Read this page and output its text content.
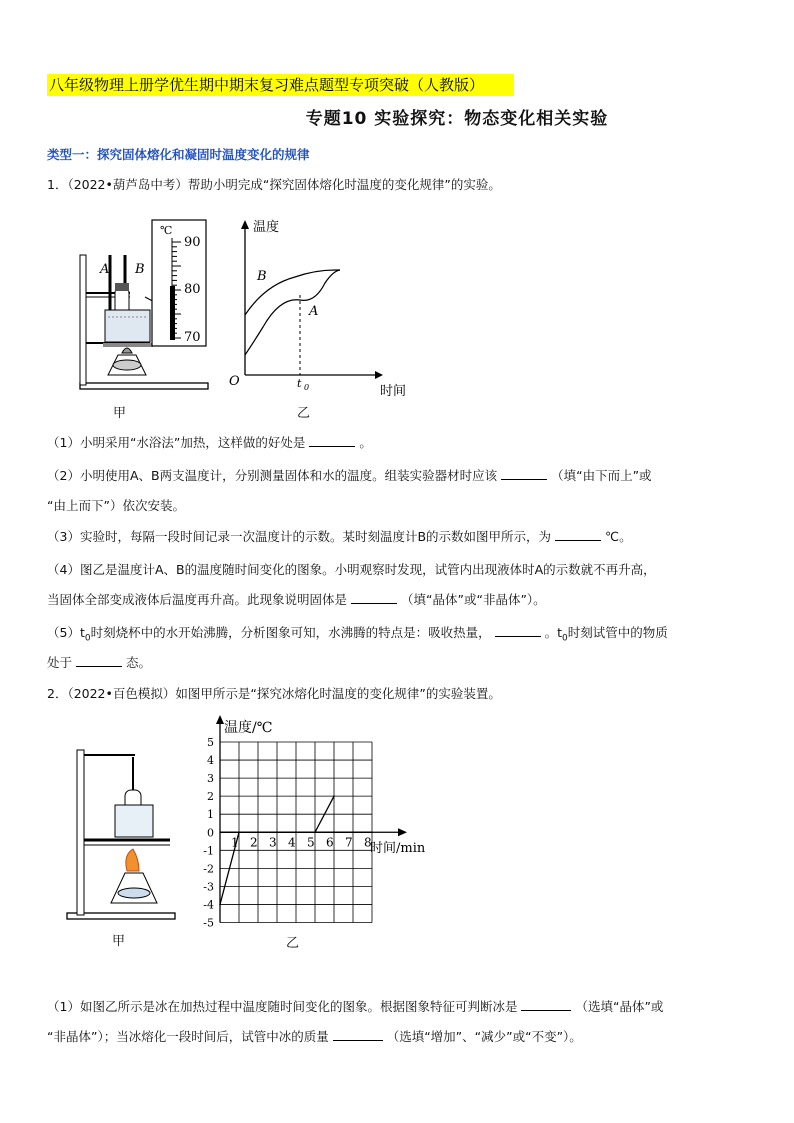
八年级物理上册学优生期中期末复习难点题型专项突破（人教版）
专题10 实验探究：物态变化相关实验
类型一：探究固体熔化和凝固时温度变化的规律
1．（2022•葫芦岛中考）帮助小明完成“探究固体熔化时温度的变化规律”的实验。
A B
甲
℃
90
80
70
温度
时间
O	t 0
B
A
乙
（1）小明采用“水浴法”加热，这样做的好处是	。
（2）小明使用A、B两支温度计，分别测量固体和水的温度。组装实验器材时应该	（填“由下而上”或
“由上而下”）依次安装。
（3）实验时，每隔一段时间记录一次温度计的示数。某时刻温度计B的示数如图甲所示，为	℃。
（4）图乙是温度计A、B的温度随时间变化的图象。小明观察时发现，试管内出现液体时A的示数就不再升高，
当固体全部变成液体后温度再升高。此现象说明固体是	（填“晶体”或“非晶体”）。
$(5)t_0$时刻烧杯中的水开始沸腾，分析图象可知，水沸腾的特点是：吸收热量，	。$t_0$时刻试管中的物质
处于	态。
2．（2022•百色模拟）如图甲所示是“探究冰熔化时温度的变化规律”的实验装置。
甲
温度/℃
时间/min
5
4
3
2
1
0
-1
-2
-3
-4
-5
1 2 3 4 5 6 7 8
乙
（1）如图乙所示是冰在加热过程中温度随时间变化的图象。根据图象特征可判断冰是	（选填“晶体”或
“非晶体”）；当冰熔化一段时间后，试管中冰的质量	（选填“增加”、“减少”或“不变”）。
